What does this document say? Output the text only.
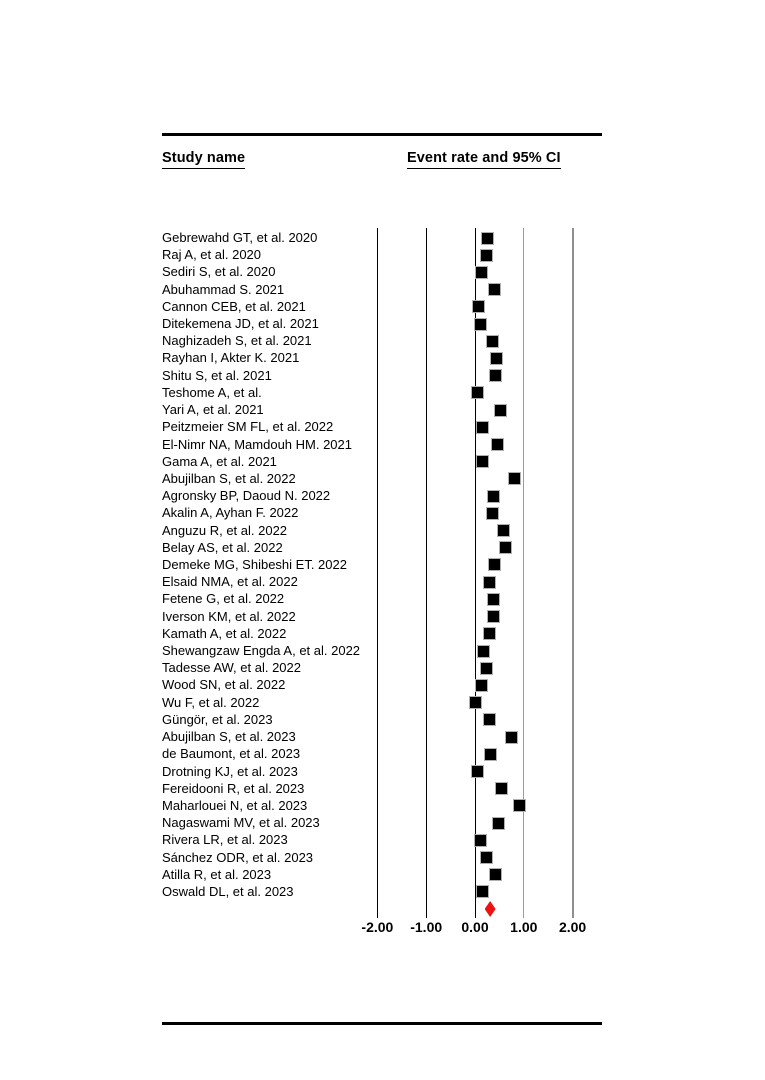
Study name	Event rate and 95% CI
-2.00 -1.00 0.00 1.00 2.00
Gebrewahd GT, et al. 2020
Raj A, et al. 2020
Sediri S, et al. 2020
Abuhammad S. 2021
Cannon CEB, et al. 2021
Ditekemena JD, et al. 2021
Naghizadeh S, et al. 2021
Rayhan I, Akter K. 2021
Shitu S, et al. 2021
Teshome A, et al.
Yari A, et al. 2021
Peitzmeier SM FL, et al. 2022
El-Nimr NA, Mamdouh HM. 2021
Gama A, et al. 2021
Abujilban S, et al. 2022
Agronsky BP, Daoud N. 2022
Akalin A, Ayhan F. 2022
Anguzu R, et al. 2022
Belay AS, et al. 2022
Demeke MG, Shibeshi ET. 2022
Elsaid NMA, et al. 2022
Fetene G, et al. 2022
Iverson KM, et al. 2022
Kamath A, et al. 2022
Shewangzaw Engda A, et al. 2022
Tadesse AW, et al. 2022
Wood SN, et al. 2022
Wu F, et al. 2022
Güngör, et al. 2023
Abujilban S, et al. 2023
de Baumont, et al. 2023
Drotning KJ, et al. 2023
Fereidooni R, et al. 2023
Maharlouei N, et al. 2023
Nagaswami MV, et al. 2023
Rivera LR, et al. 2023
Sánchez ODR, et al. 2023
Atilla R, et al. 2023
Oswald DL, et al. 2023
